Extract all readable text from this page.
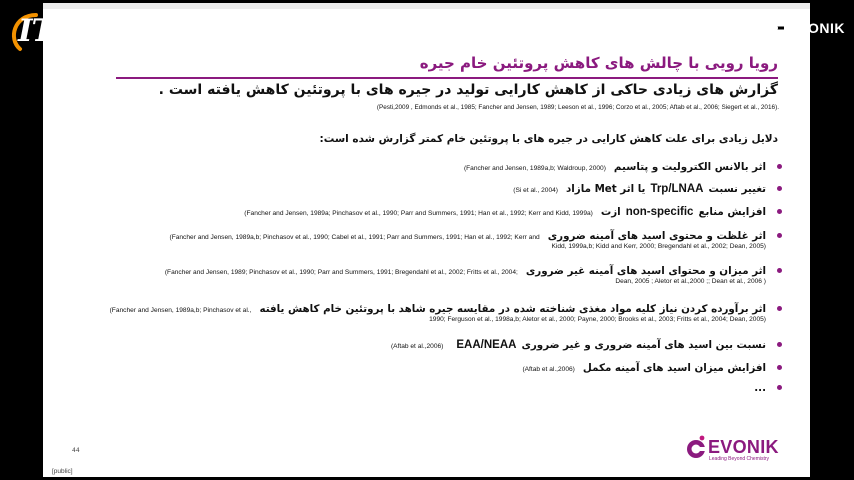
رویا رویی با چالش های کاهش پروتئین خام جیره
گزارش های زیادی حاکی از کاهش کارایی تولید در جیره های با پروتئین کاهش یافته است .
(Pesti,2009 , Edmonds et al., 1985; Fancher and Jensen, 1989; Leeson et al., 1996; Corzo et al., 2005; Aftab et al., 2006; Siegert et al., 2016).
دلایل زیادی برای علت کاهش کارایی در جیره های با پروتئین خام کمتر گزارش شده است:
اثر بالانس الکترولیت و پتاسیم
(Fancher and Jensen, 1989a,b; Waldroup, 2000)
تغییر نسبت
Trp/LNAA
یا اثر Met مازاد
(Si et al., 2004)
افزایش منابع
non-specific
ازت
(Fancher and Jensen, 1989a; Pinchasov et al., 1990; Parr and Summers, 1991; Han et al., 1992; Kerr and Kidd, 1999a)
اثر غلظت و محتوی اسید های آمینه ضروری
(Fancher and Jensen, 1989a,b; Pinchasov et al., 1990; Cabel et al., 1991; Parr and Summers, 1991; Han et al., 1992; Kerr and
Kidd, 1999a,b; Kidd and Kerr, 2000; Bregendahl et al., 2002; Dean, 2005)
اثر میزان و محتوای اسید های آمینه غیر ضروری
(Fancher and Jensen, 1989; Pinchasov et al., 1990; Parr and Summers, 1991; Bregendahl et al., 2002; Fritts et al., 2004;
Dean, 2005 ; Aletor et al.,2000 ;; Dean et al., 2006 )
اثر برآورده کردن نیاز کلیه مواد مغذی شناخته شده در مقایسه جیره شاهد با پروتئین خام کاهش یافته
(Fancher and Jensen, 1989a,b; Pinchasov et al.,
1990; Ferguson et al., 1998a,b; Aletor et al., 2000; Payne, 2000; Brooks et al., 2003; Fritts et al., 2004; Dean, 2005)
نسبت بین اسید های آمینه ضروری و غیر ضروری
EAA/NEAA
(Aftab et al.,2006)
افزایش میزان اسید های آمینه مکمل
(Aftab et al.,2006)
...
44
[public]
EVONIK
Leading Beyond Chemistry
ITP News
EVONIK
